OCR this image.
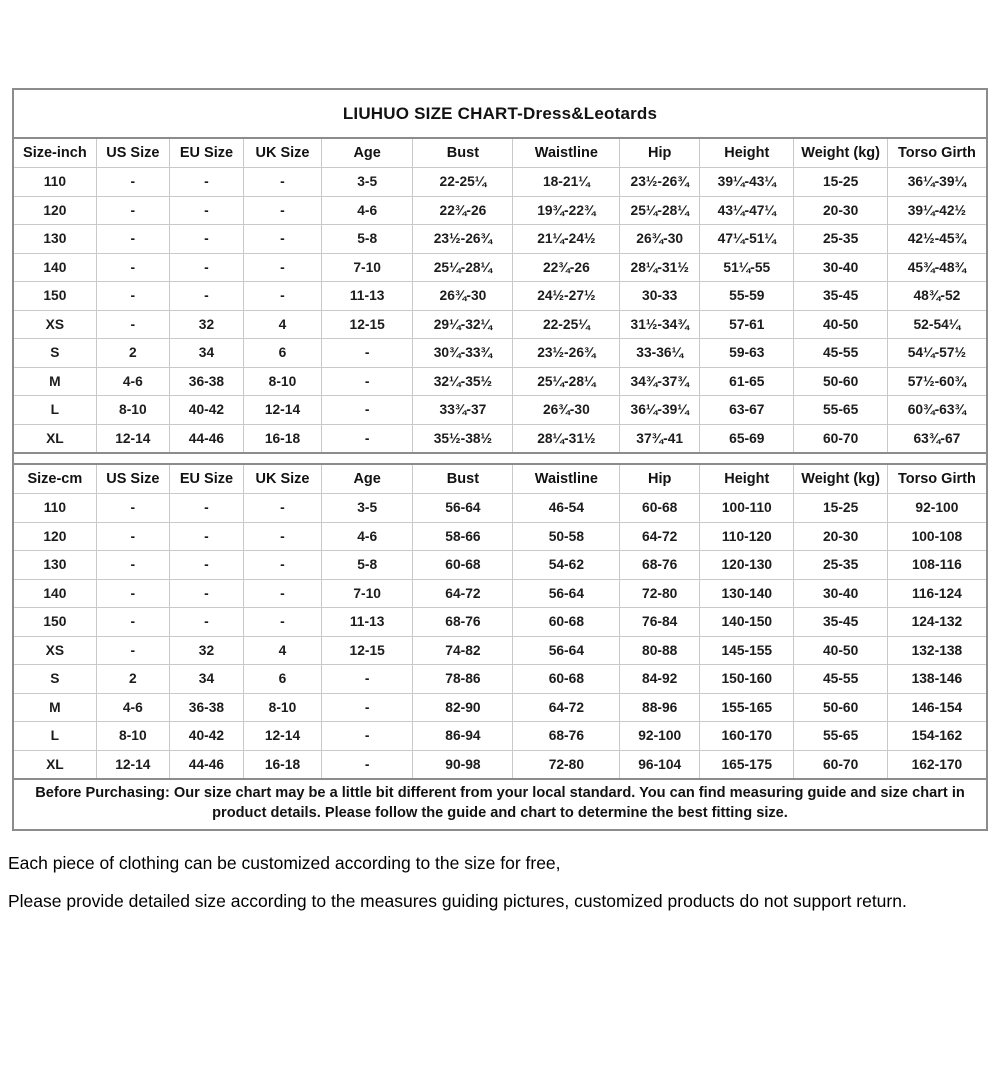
LIUHUO SIZE CHART-Dress&Leotards
Size-inch	US Size	EU Size	UK Size	Age	Bust	Waistline	Hip	Height	Weight (kg)	Torso Girth
110	-	-	-	3-5	22-25¼	18-21¼	23½-26¾	39¼-43¼	15-25	36¼-39¼
120	-	-	-	4-6	22¾-26	19¾-22¾	25¼-28¼	43¼-47¼	20-30	39¼-42½
130	-	-	-	5-8	23½-26¾	21¼-24½	26¾-30	47¼-51¼	25-35	42½-45¾
140	-	-	-	7-10	25¼-28¼	22¾-26	28¼-31½	51¼-55	30-40	45¾-48¾
150	-	-	-	11-13	26¾-30	24½-27½	30-33	55-59	35-45	48¾-52
XS	-	32	4	12-15	29¼-32¼	22-25¼	31½-34¾	57-61	40-50	52-54¼
S	2	34	6	-	30¾-33¾	23½-26¾	33-36¼	59-63	45-55	54¼-57½
M	4-6	36-38	8-10	-	32¼-35½	25¼-28¼	34¾-37¾	61-65	50-60	57½-60¾
L	8-10	40-42	12-14	-	33¾-37	26¾-30	36¼-39¼	63-67	55-65	60¾-63¾
XL	12-14	44-46	16-18	-	35½-38½	28¼-31½	37¾-41	65-69	60-70	63¾-67
Size-cm	US Size	EU Size	UK Size	Age	Bust	Waistline	Hip	Height	Weight (kg)	Torso Girth
110	-	-	-	3-5	56-64	46-54	60-68	100-110	15-25	92-100
120	-	-	-	4-6	58-66	50-58	64-72	110-120	20-30	100-108
130	-	-	-	5-8	60-68	54-62	68-76	120-130	25-35	108-116
140	-	-	-	7-10	64-72	56-64	72-80	130-140	30-40	116-124
150	-	-	-	11-13	68-76	60-68	76-84	140-150	35-45	124-132
XS	-	32	4	12-15	74-82	56-64	80-88	145-155	40-50	132-138
S	2	34	6	-	78-86	60-68	84-92	150-160	45-55	138-146
M	4-6	36-38	8-10	-	82-90	64-72	88-96	155-165	50-60	146-154
L	8-10	40-42	12-14	-	86-94	68-76	92-100	160-170	55-65	154-162
XL	12-14	44-46	16-18	-	90-98	72-80	96-104	165-175	60-70	162-170
Before Purchasing: Our size chart may be a little bit different from your local standard. You can find measuring guide and size chart in product details. Please follow the guide and chart to determine the best fitting size.

Each piece of clothing can be customized according to the size for free,

Please provide detailed size according to the measures guiding pictures, customized products do not support return.
